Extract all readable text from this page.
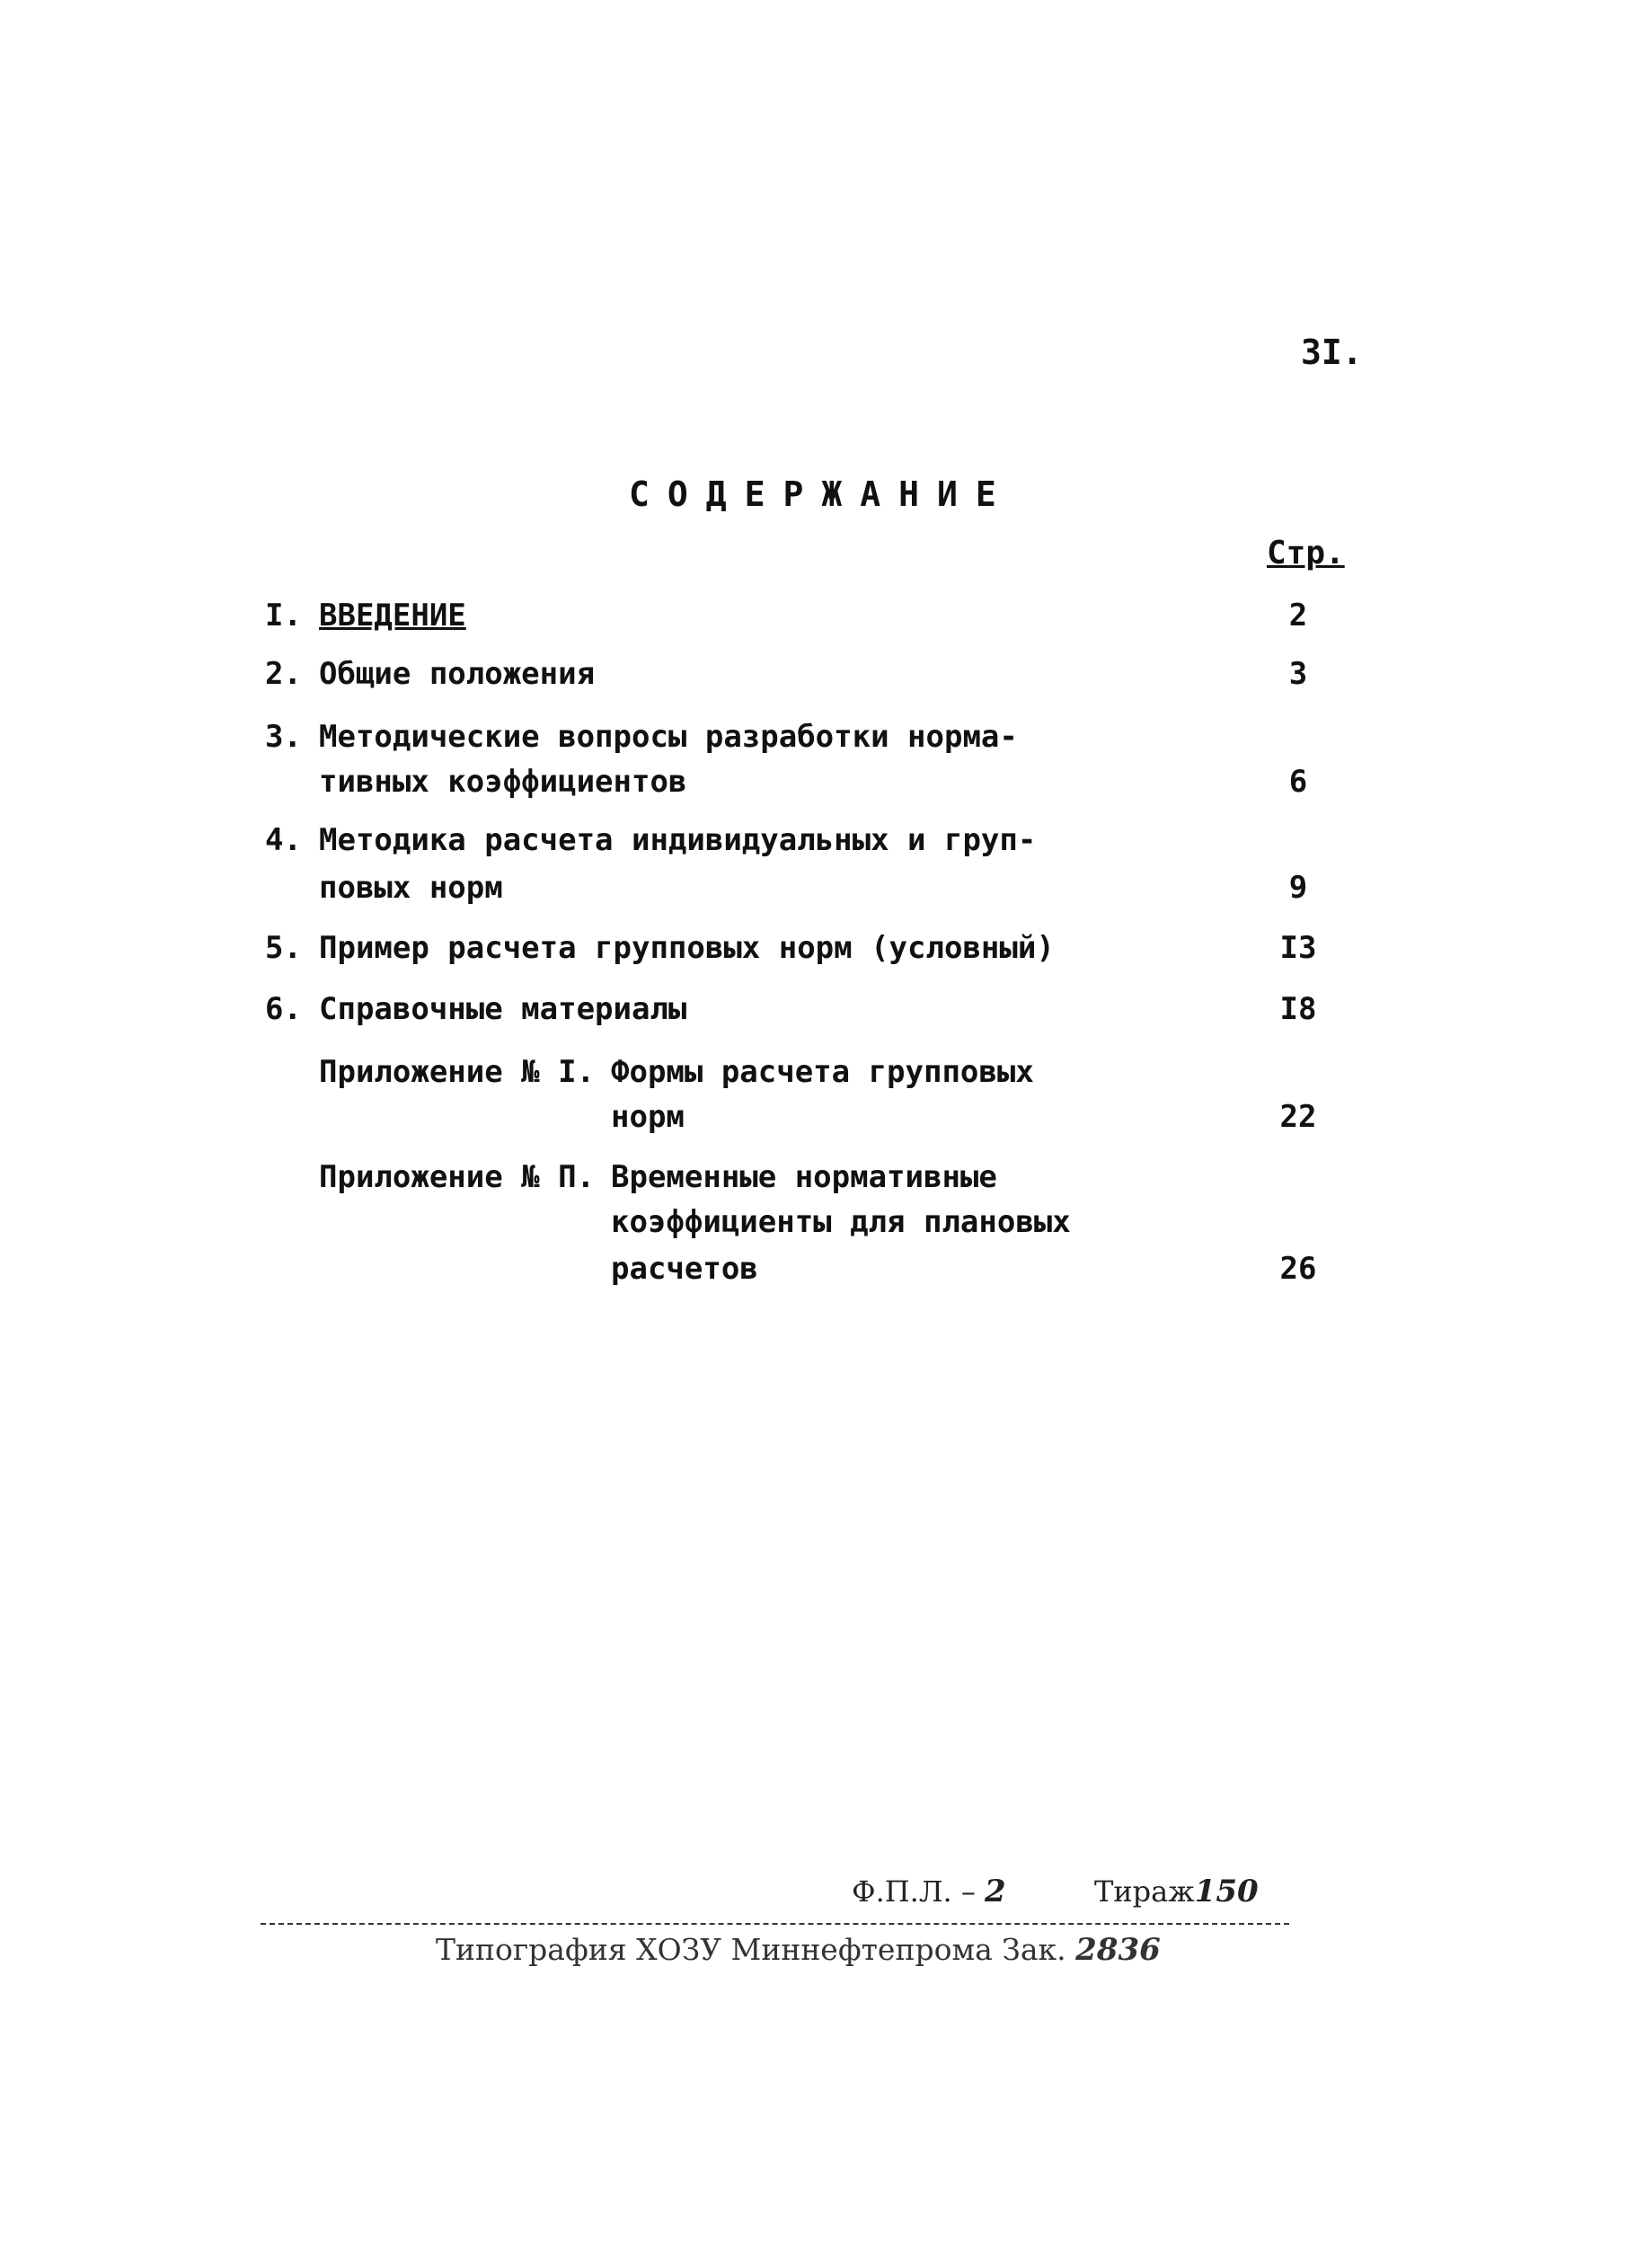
3I.
СОДЕРЖАНИЕ
Стр.
I. ВВЕДЕНИЕ	2
2. Общие положения	3
3. Методические вопросы разработки норма-
тивных коэффициентов	6
4. Методика расчета индивидуальных и груп-
повых норм	9
5. Пример расчета групповых норм (условный)	I3
6. Справочные материалы	I8
Приложение № I. Формы расчета групповых
норм	22
Приложение № П. Временные нормативные
коэффициенты для плановых
расчетов	26
Ф.П.Л. – 2	Тираж150
Типография ХОЗУ Миннефтепрома Зак. 2836
